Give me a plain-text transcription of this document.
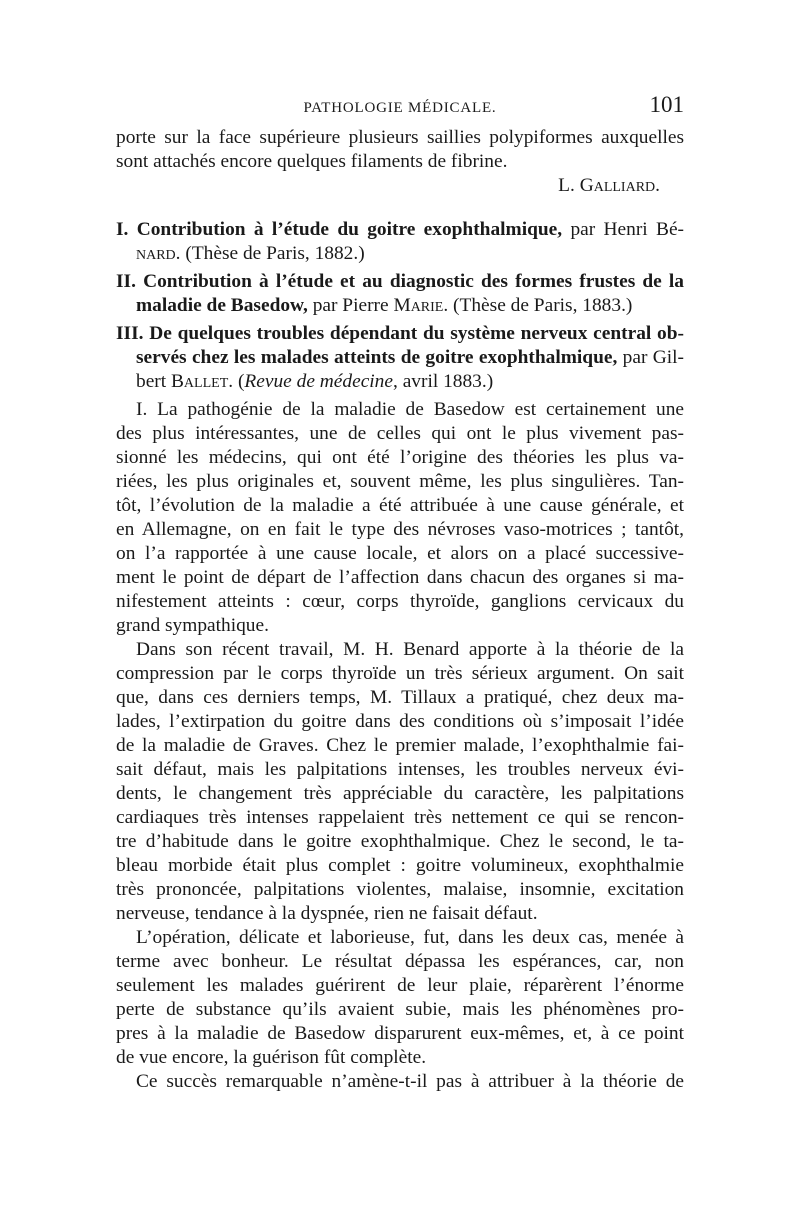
PATHOLOGIE MÉDICALE.	101
porte sur la face supérieure plusieurs saillies polypiformes auxquelles
sont attachés encore quelques filaments de fibrine.
L. Galliard.
I. Contribution à l’étude du goitre exophthalmique, par Henri Bé-
nard. (Thèse de Paris, 1882.)
II. Contribution à l’étude et au diagnostic des formes frustes de la
maladie de Basedow, par Pierre Marie. (Thèse de Paris, 1883.)
III. De quelques troubles dépendant du système nerveux central ob-
servés chez les malades atteints de goitre exophthalmique, par Gil-
bert Ballet. (Revue de médecine, avril 1883.)
I. La pathogénie de la maladie de Basedow est certainement une
des plus intéressantes, une de celles qui ont le plus vivement pas-
sionné les médecins, qui ont été l’origine des théories les plus va-
riées, les plus originales et, souvent même, les plus singulières. Tan-
tôt, l’évolution de la maladie a été attribuée à une cause générale, et
en Allemagne, on en fait le type des névroses vaso-motrices ; tantôt,
on l’a rapportée à une cause locale, et alors on a placé successive-
ment le point de départ de l’affection dans chacun des organes si ma-
nifestement atteints : cœur, corps thyroïde, ganglions cervicaux du
grand sympathique.
Dans son récent travail, M. H. Benard apporte à la théorie de la
compression par le corps thyroïde un très sérieux argument. On sait
que, dans ces derniers temps, M. Tillaux a pratiqué, chez deux ma-
lades, l’extirpation du goitre dans des conditions où s’imposait l’idée
de la maladie de Graves. Chez le premier malade, l’exophthalmie fai-
sait défaut, mais les palpitations intenses, les troubles nerveux évi-
dents, le changement très appréciable du caractère, les palpitations
cardiaques très intenses rappelaient très nettement ce qui se rencon-
tre d’habitude dans le goitre exophthalmique. Chez le second, le ta-
bleau morbide était plus complet : goitre volumineux, exophthalmie
très prononcée, palpitations violentes, malaise, insomnie, excitation
nerveuse, tendance à la dyspnée, rien ne faisait défaut.
L’opération, délicate et laborieuse, fut, dans les deux cas, menée à
terme avec bonheur. Le résultat dépassa les espérances, car, non
seulement les malades guérirent de leur plaie, réparèrent l’énorme
perte de substance qu’ils avaient subie, mais les phénomènes pro-
pres à la maladie de Basedow disparurent eux-mêmes, et, à ce point
de vue encore, la guérison fût complète.
Ce succès remarquable n’amène-t-il pas à attribuer à la théorie de
